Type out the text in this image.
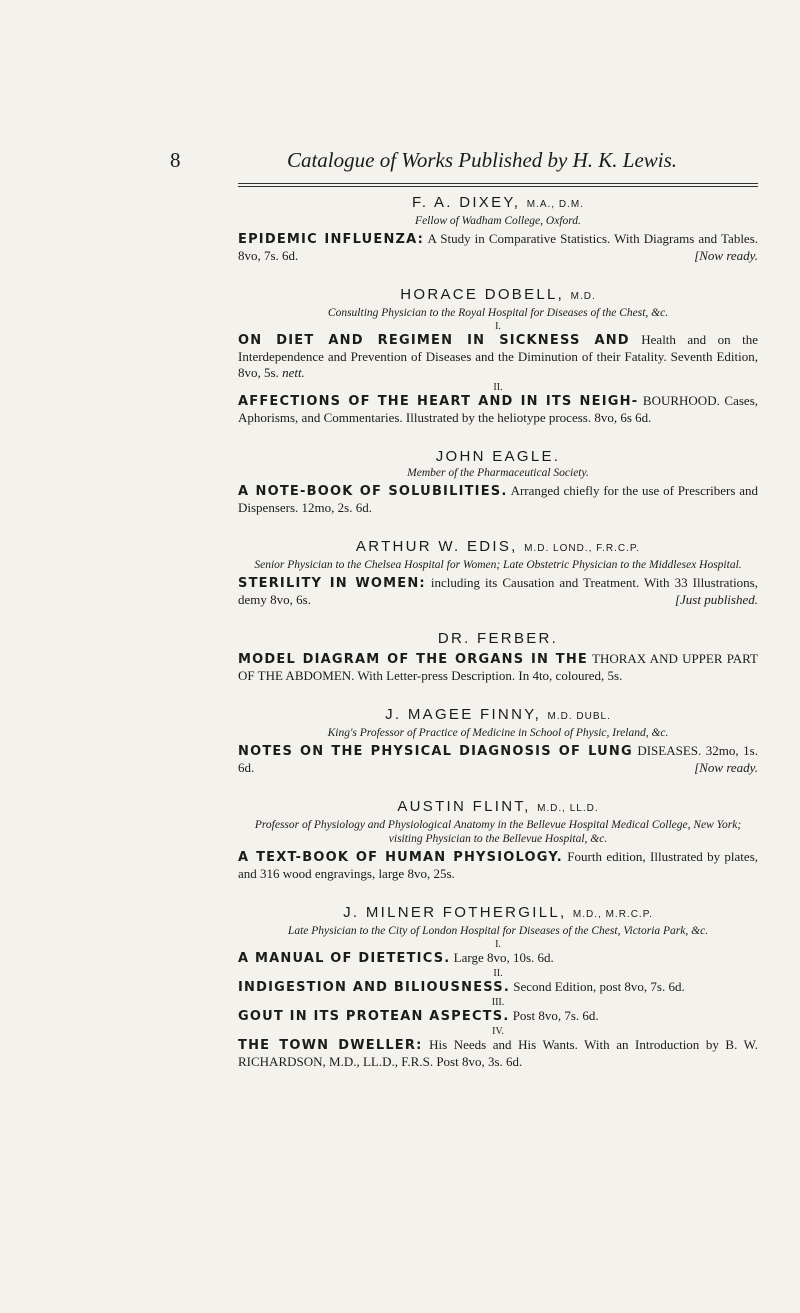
8	Catalogue of Works Published by H. K. Lewis.
F. A. DIXEY, M.A., D.M.
Fellow of Wadham College, Oxford.
EPIDEMIC INFLUENZA: A Study in Comparative Statistics. With Diagrams and Tables. 8vo, 7s. 6d.	[Now ready.
HORACE DOBELL, M.D.
Consulting Physician to the Royal Hospital for Diseases of the Chest, &c.
I.
ON DIET AND REGIMEN IN SICKNESS AND Health and on the Interdependence and Prevention of Diseases and the Diminution of their Fatality. Seventh Edition, 8vo, 5s. nett.
II.
AFFECTIONS OF THE HEART AND IN ITS NEIGH- BOURHOOD. Cases, Aphorisms, and Commentaries. Illustrated by the heliotype process. 8vo, 6s 6d.
JOHN EAGLE.
Member of the Pharmaceutical Society.
A NOTE-BOOK OF SOLUBILITIES. Arranged chiefly for the use of Prescribers and Dispensers. 12mo, 2s. 6d.
ARTHUR W. EDIS, M.D. LOND., F.R.C.P.
Senior Physician to the Chelsea Hospital for Women; Late Obstetric Physician to the Middlesex Hospital.
STERILITY IN WOMEN: including its Causation and Treatment. With 33 Illustrations, demy 8vo, 6s.	[Just published.
DR. FERBER.
MODEL DIAGRAM OF THE ORGANS IN THE THORAX AND UPPER PART OF THE ABDOMEN. With Letter-press Description. In 4to, coloured, 5s.
J. MAGEE FINNY, M.D. DUBL.
King's Professor of Practice of Medicine in School of Physic, Ireland, &c.
NOTES ON THE PHYSICAL DIAGNOSIS OF LUNG DISEASES. 32mo, 1s. 6d.	[Now ready.
AUSTIN FLINT, M.D., LL.D.
Professor of Physiology and Physiological Anatomy in the Bellevue Hospital Medical College, New York; visiting Physician to the Bellevue Hospital, &c.
A TEXT-BOOK OF HUMAN PHYSIOLOGY. Fourth edition, Illustrated by plates, and 316 wood engravings, large 8vo, 25s.
J. MILNER FOTHERGILL, M.D., M.R.C.P.
Late Physician to the City of London Hospital for Diseases of the Chest, Victoria Park, &c.
I.
A MANUAL OF DIETETICS. Large 8vo, 10s. 6d.
II.
INDIGESTION AND BILIOUSNESS. Second Edition, post 8vo, 7s. 6d.
III.
GOUT IN ITS PROTEAN ASPECTS. Post 8vo, 7s. 6d.
IV.
THE TOWN DWELLER: His Needs and His Wants. With an Introduction by B. W. RICHARDSON, M.D., LL.D., F.R.S. Post 8vo, 3s. 6d.
